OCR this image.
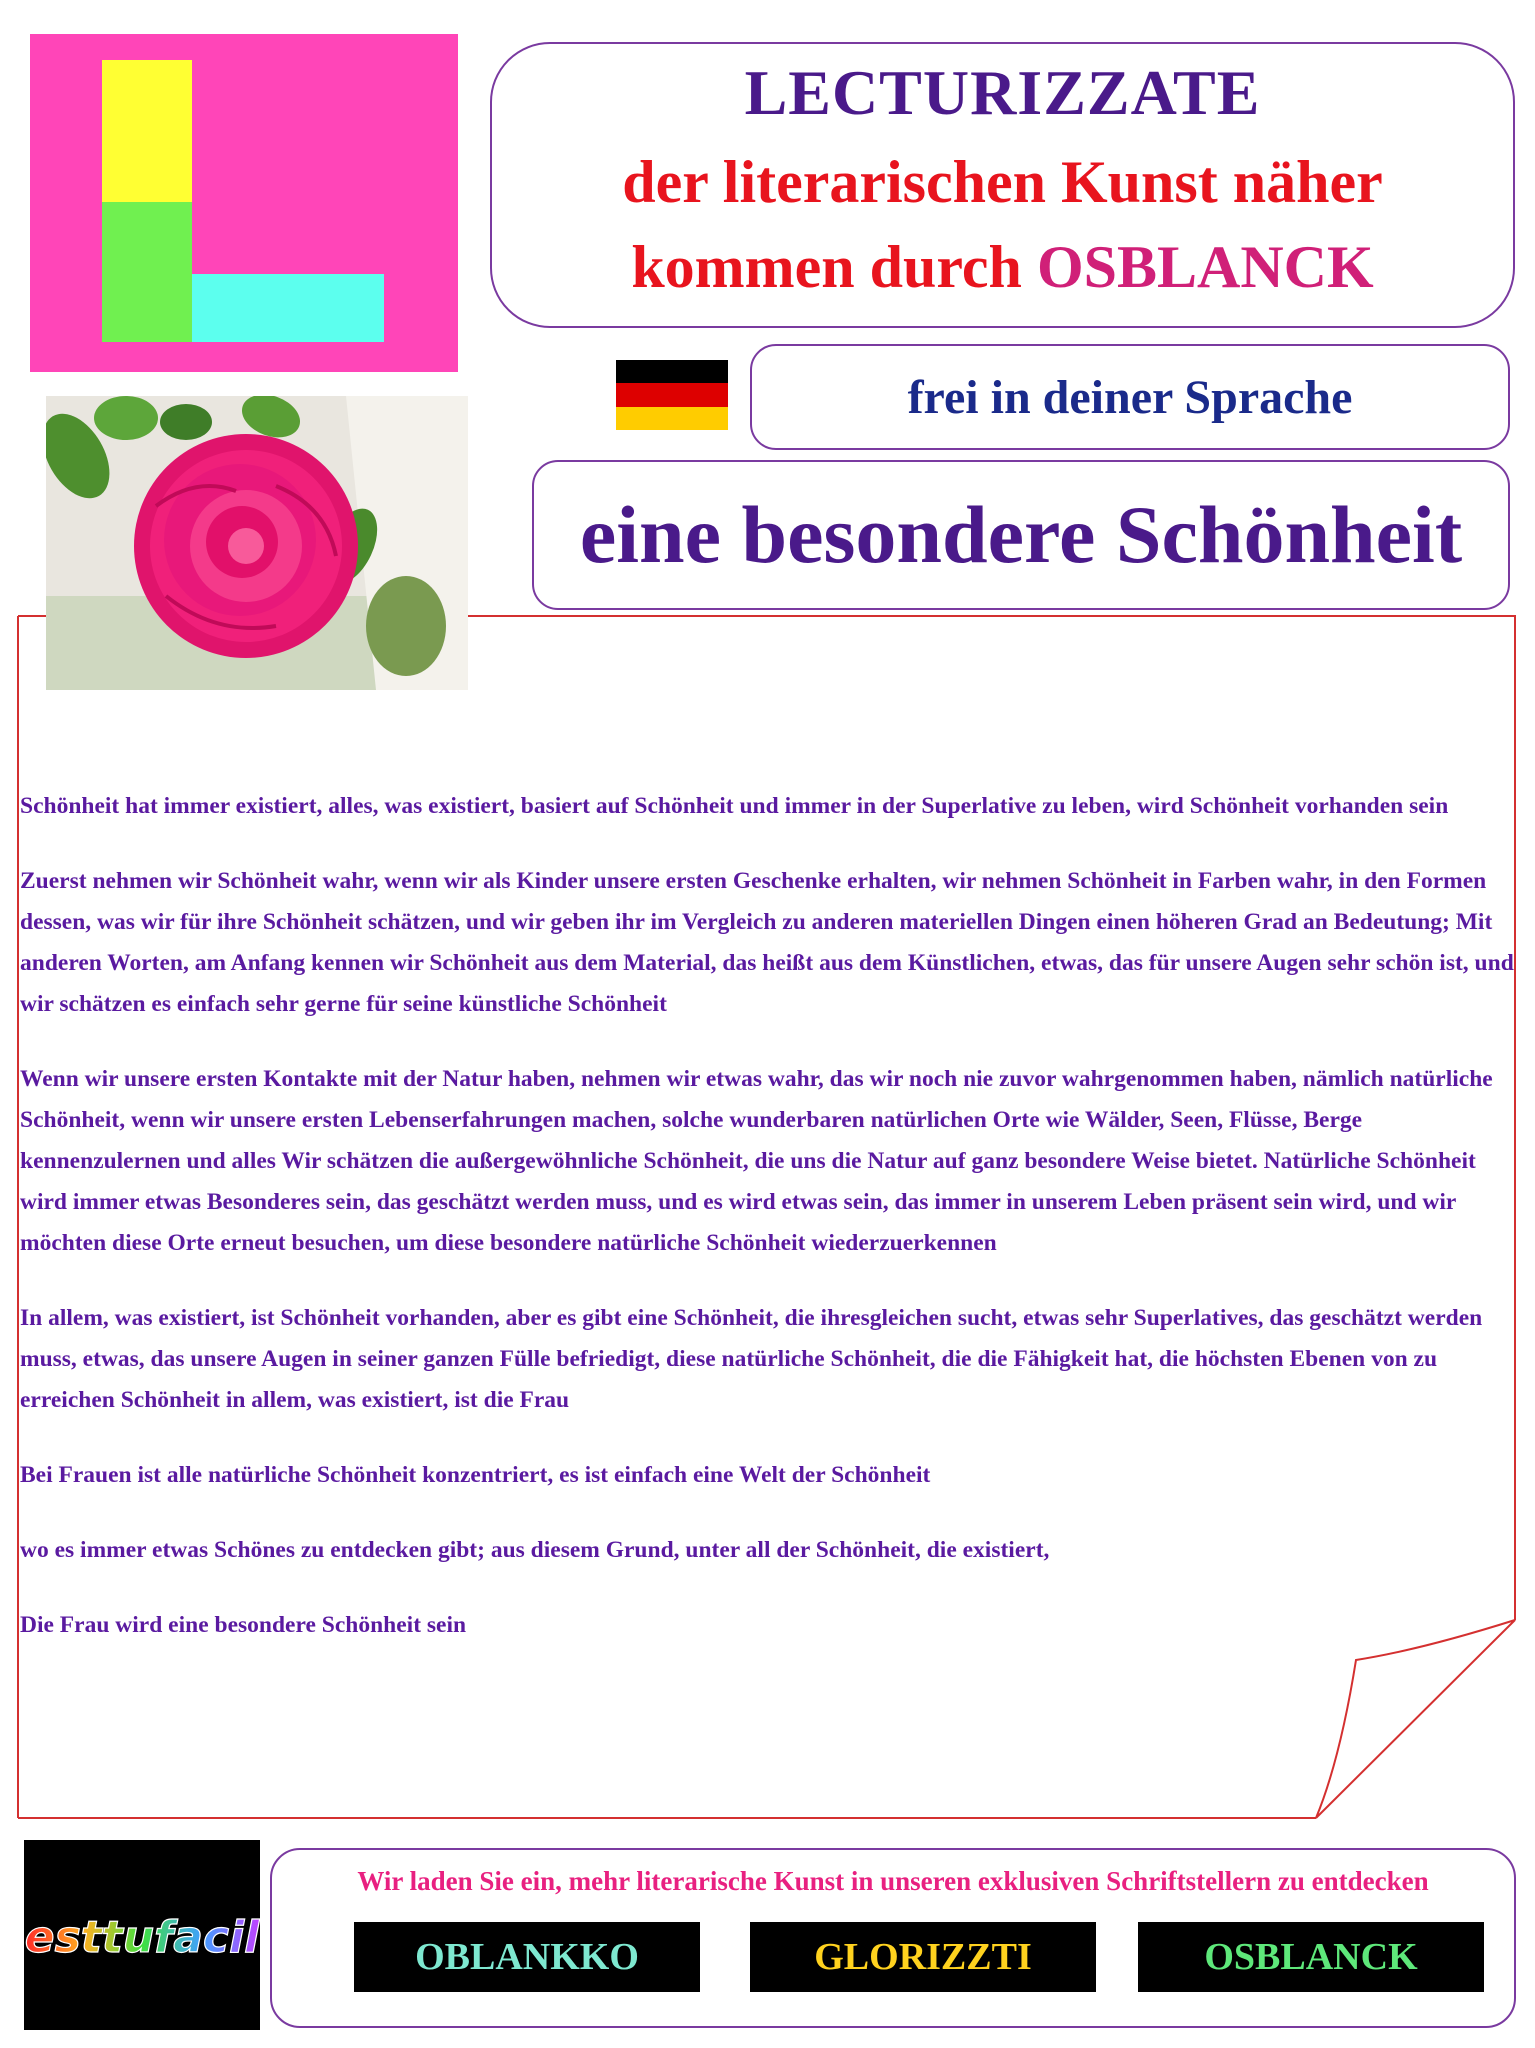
LECTURIZZATE
der literarischen Kunst näher
kommen durch OSBLANCK
frei in deiner Sprache
eine besondere Schönheit

Schönheit hat immer existiert, alles, was existiert, basiert auf Schönheit und immer in der Superlative zu leben, wird Schönheit vorhanden sein

Zuerst nehmen wir Schönheit wahr, wenn wir als Kinder unsere ersten Geschenke erhalten, wir nehmen Schönheit in Farben wahr, in den Formen dessen, was wir für ihre Schönheit schätzen, und wir geben ihr im Vergleich zu anderen materiellen Dingen einen höheren Grad an Bedeutung; Mit anderen Worten, am Anfang kennen wir Schönheit aus dem Material, das heißt aus dem Künstlichen, etwas, das für unsere Augen sehr schön ist, und wir schätzen es einfach sehr gerne für seine künstliche Schönheit

Wenn wir unsere ersten Kontakte mit der Natur haben, nehmen wir etwas wahr, das wir noch nie zuvor wahrgenommen haben, nämlich natürliche Schönheit, wenn wir unsere ersten Lebenserfahrungen machen, solche wunderbaren natürlichen Orte wie Wälder, Seen, Flüsse, Berge kennenzulernen und alles Wir schätzen die außergewöhnliche Schönheit, die uns die Natur auf ganz besondere Weise bietet. Natürliche Schönheit wird immer etwas Besonderes sein, das geschätzt werden muss, und es wird etwas sein, das immer in unserem Leben präsent sein wird, und wir möchten diese Orte erneut besuchen, um diese besondere natürliche Schönheit wiederzuerkennen

In allem, was existiert, ist Schönheit vorhanden, aber es gibt eine Schönheit, die ihresgleichen sucht, etwas sehr Superlatives, das geschätzt werden muss, etwas, das unsere Augen in seiner ganzen Fülle befriedigt, diese natürliche Schönheit, die die Fähigkeit hat, die höchsten Ebenen von zu erreichen Schönheit in allem, was existiert, ist die Frau

Bei Frauen ist alle natürliche Schönheit konzentriert, es ist einfach eine Welt der Schönheit

wo es immer etwas Schönes zu entdecken gibt; aus diesem Grund, unter all der Schönheit, die existiert,

Die Frau wird eine besondere Schönheit sein

esttufacil
Wir laden Sie ein, mehr literarische Kunst in unseren exklusiven Schriftstellern zu entdecken
OBLANKKO	GLORIZZTI	OSBLANCK
